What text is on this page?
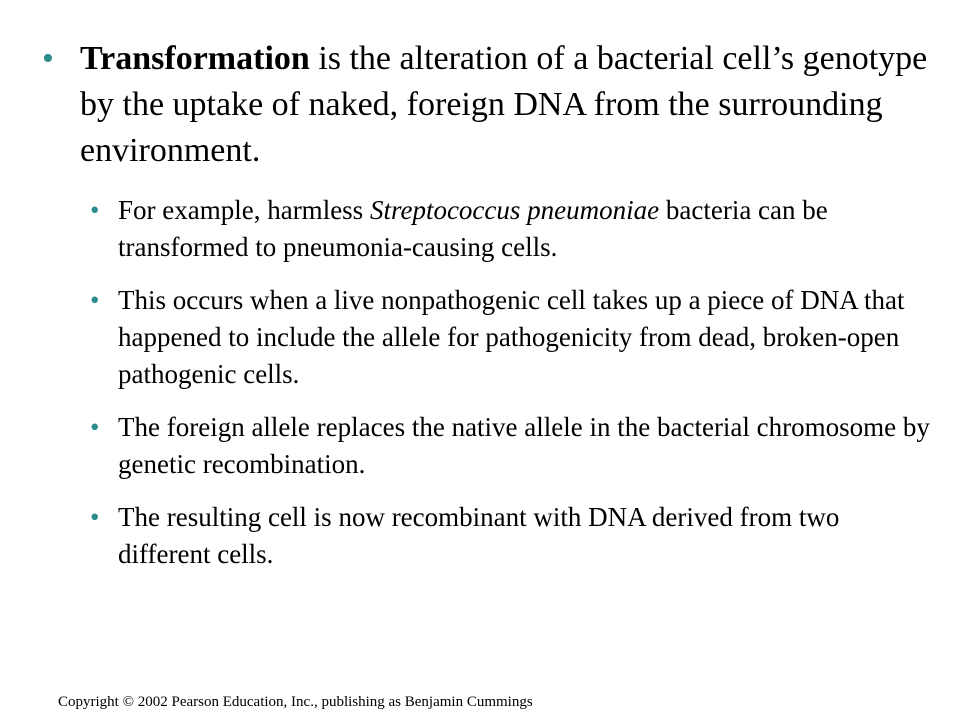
• Transformation is the alteration of a bacterial cell’s genotype by the uptake of naked, foreign DNA from the surrounding environment.
• For example, harmless Streptococcus pneumoniae bacteria can be transformed to pneumonia-causing cells.
• This occurs when a live nonpathogenic cell takes up a piece of DNA that happened to include the allele for pathogenicity from dead, broken-open pathogenic cells.
• The foreign allele replaces the native allele in the bacterial chromosome by genetic recombination.
• The resulting cell is now recombinant with DNA derived from two different cells.
Copyright © 2002 Pearson Education, Inc., publishing as Benjamin Cummings
